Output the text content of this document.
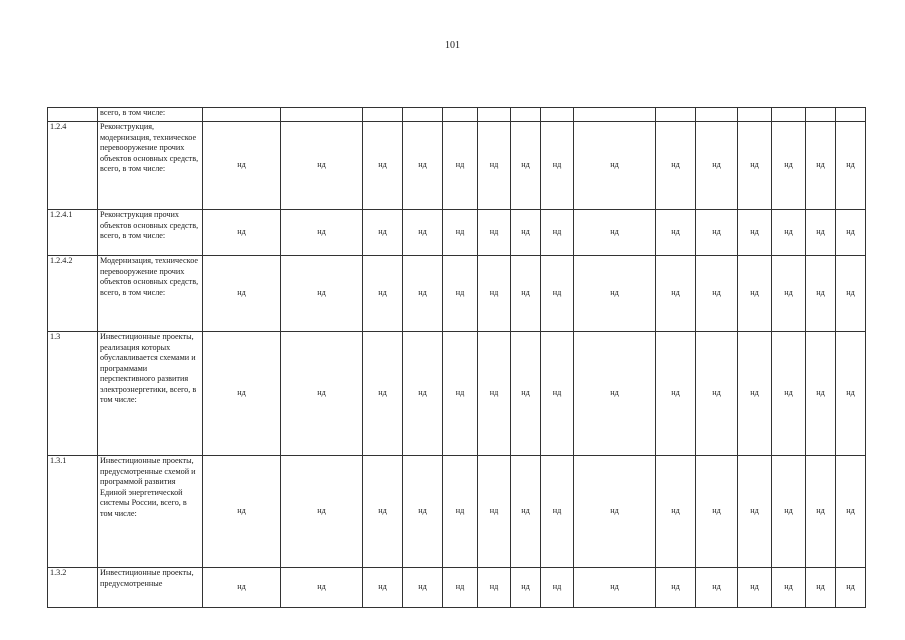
101
	всего, в том числе:															
1.2.4	Реконструкция, модернизация, техническое перевооружение прочих объектов основных средств, всего, в том числе:	нд	нд	нд	нд	нд	нд	нд	нд	нд	нд	нд	нд	нд	нд	нд
1.2.4.1	Реконструкция прочих объектов основных средств, всего, в том числе:	нд	нд	нд	нд	нд	нд	нд	нд	нд	нд	нд	нд	нд	нд	нд
1.2.4.2	Модернизация, техническое перевооружение прочих объектов основных средств, всего, в том числе:	нд	нд	нд	нд	нд	нд	нд	нд	нд	нд	нд	нд	нд	нд	нд
1.3	Инвестиционные проекты, реализация которых обуславливается схемами и программами перспективного развития электроэнергетики, всего, в том числе:	нд	нд	нд	нд	нд	нд	нд	нд	нд	нд	нд	нд	нд	нд	нд
1.3.1	Инвестиционные проекты, предусмотренные схемой и программой развития Единой энергетической системы России, всего, в том числе:	нд	нд	нд	нд	нд	нд	нд	нд	нд	нд	нд	нд	нд	нд	нд
1.3.2	Инвестиционные проекты, предусмотренные	нд	нд	нд	нд	нд	нд	нд	нд	нд	нд	нд	нд	нд	нд	нд
